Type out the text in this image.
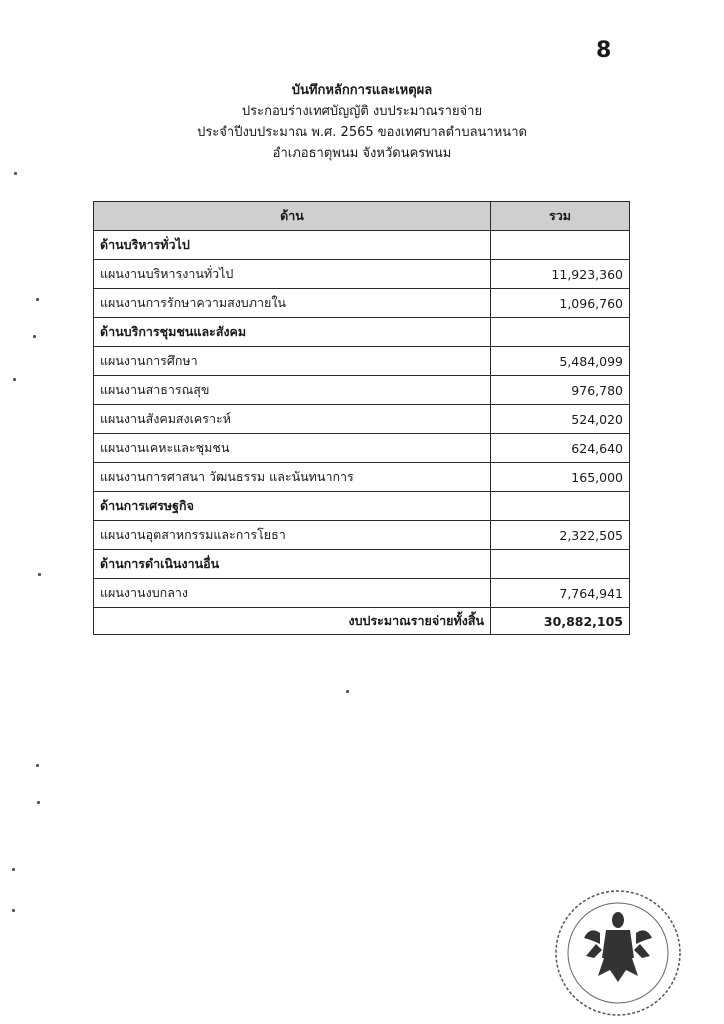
8
บันทึกหลักการและเหตุผล
ประกอบร่างเทศบัญญัติ งบประมาณรายจ่าย
ประจำปีงบประมาณ พ.ศ. 2565 ของเทศบาลตำบลนาหนาด
อำเภอธาตุพนม จังหวัดนครพนม
ด้าน	รวม
ด้านบริหารทั่วไป	
แผนงานบริหารงานทั่วไป	11,923,360
แผนงานการรักษาความสงบภายใน	1,096,760
ด้านบริการชุมชนและสังคม	
แผนงานการศึกษา	5,484,099
แผนงานสาธารณสุข	976,780
แผนงานสังคมสงเคราะห์	524,020
แผนงานเคหะและชุมชน	624,640
แผนงานการศาสนา วัฒนธรรม และนันทนาการ	165,000
ด้านการเศรษฐกิจ	
แผนงานอุตสาหกรรมและการโยธา	2,322,505
ด้านการดำเนินงานอื่น	
แผนงานงบกลาง	7,764,941
งบประมาณรายจ่ายทั้งสิ้น	30,882,105
